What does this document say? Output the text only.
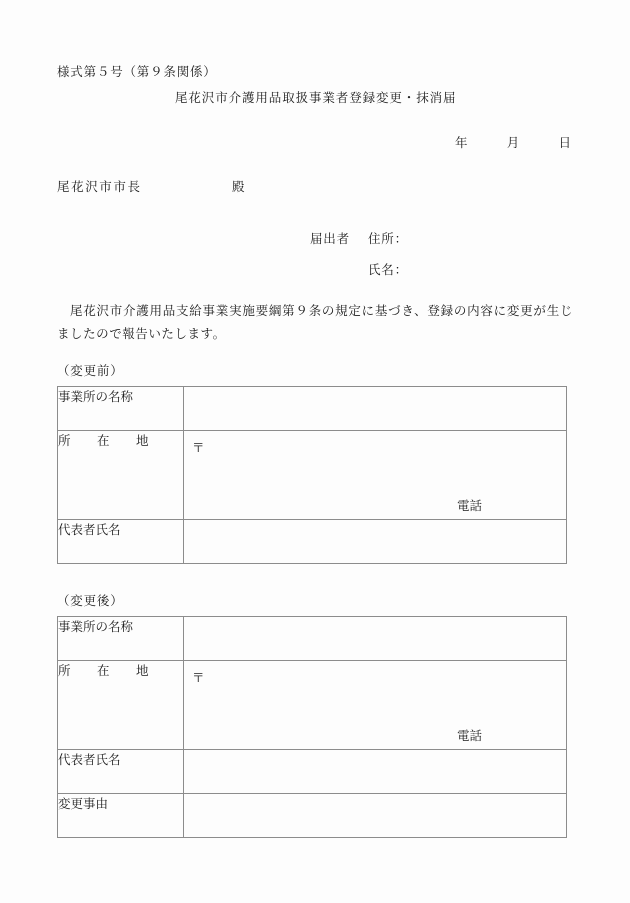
様式第５号（第９条関係）
尾花沢市介護用品取扱事業者登録変更・抹消届
年	月	日
尾花沢市市長	殿
届出者 住所：
氏名：
尾花沢市介護用品支給事業実施要綱第９条の規定に基づき、登録の内容に変更が生じましたので報告いたします。
（変更前）
事業所の名称	
所　在　地	〒
電話

代表者氏名	
（変更後）
事業所の名称	
所　在　地	〒
電話

代表者氏名	
変更事由	
